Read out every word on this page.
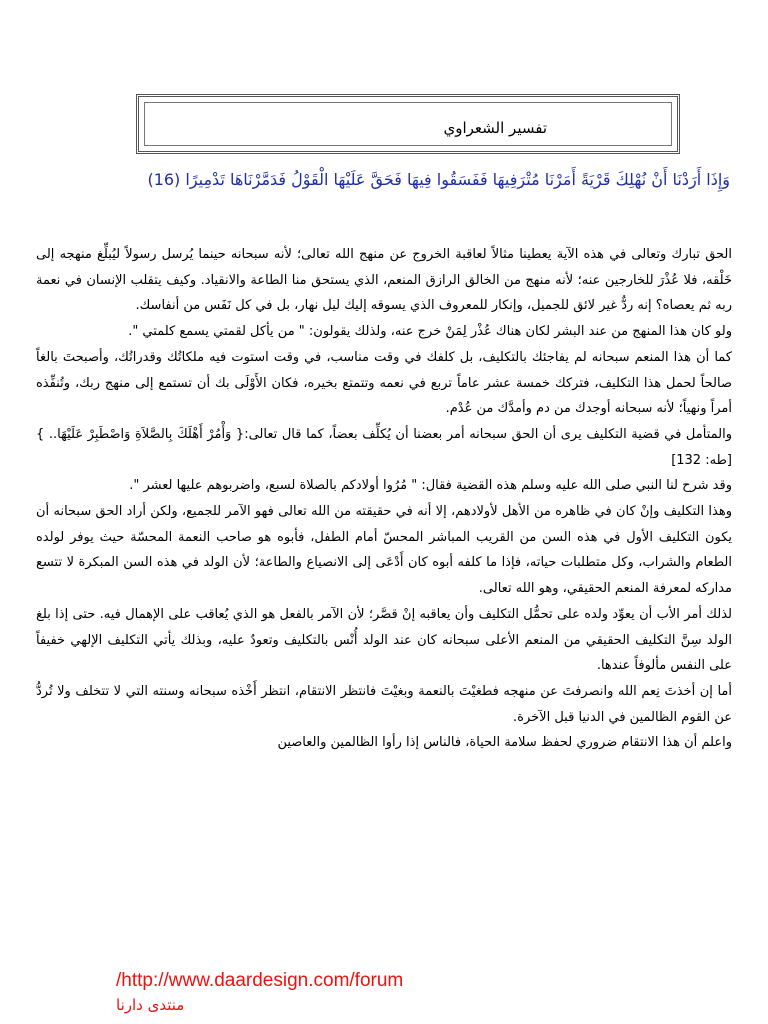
تفسير الشعراوي
وَإِذَا أَرَدْنَا أَنْ نُهْلِكَ قَرْيَةً أَمَرْنَا مُتْرَفِيهَا فَفَسَقُوا فِيهَا فَحَقَّ عَلَيْهَا الْقَوْلُ فَدَمَّرْنَاهَا تَدْمِيرًا (16)

الحق تبارك وتعالى في هذه الآية يعطينا مثالاً لعاقبة الخروج عن منهج الله تعالى؛ لأنه سبحانه حينما يُرسل رسولاً ليُبلِّغ منهجه إلى خَلْقه، فلا عُذْرَ للخارجين عنه؛ لأنه منهج من الخالق الرازق المنعم، الذي يستحق منا الطاعة والانقياد. وكيف يتقلب الإنسان في نعمة ربه ثم يعصاه؟ إنه ردٌّ غير لائق للجميل، وإنكار للمعروف الذي يسوقه إليك ليل نهار، بل في كل نَفَس من أنفاسك.

ولو كان هذا المنهج من عند البشر لكان هناك عُذْر لِمَنْ خرج عنه، ولذلك يقولون: " من يأكل لقمتي يسمع كلمتي ".

كما أن هذا المنعم سبحانه لم يفاجئك بالتكليف، بل كلفك في وقت مناسب، في وقت استوت فيه ملكاتُك وقدراتُك، وأصبحتَ بالغاً صالحاً لحمل هذا التكليف، فتركك خمسة عشر عاماً تربع في نعمه وتتمتع بخيره، فكان الأَوْلَى بك أن تستمع إلى منهج ربك، وتُنفِّذه أمراً ونهياً؛ لأنه سبحانه أوجدك من دم وأمدَّك من عُدْم.

والمتأمل في قضية التكليف يرى أن الحق سبحانه أمر بعضنا أن يُكلِّف بعضاً، كما قال تعالى:{ وَأْمُرْ أَهْلَكَ بِالصَّلاَةِ وَاصْطَبِرْ عَلَيْهَا.. }[طه: 132]

وقد شرح لنا النبي صلى الله عليه وسلم هذه القضية فقال: " مُرُوا أولادكم بالصلاة لسبع، واضربوهم عليها لعشر ".

وهذا التكليف وإنْ كان في ظاهره من الأهل لأولادهم، إلا أنه في حقيقته من الله تعالى فهو الآمر للجميع، ولكن أراد الحق سبحانه أن يكون التكليف الأول في هذه السن من القريب المباشر المحسّ أمام الطفل، فأبوه هو صاحب النعمة المحسّة حيث يوفر لولده الطعام والشراب، وكل متطلبات حياته، فإذا ما كلفه أبوه كان أَدْعَى إلى الانصياع والطاعة؛ لأن الولد في هذه السن المبكرة لا تتسع مداركه لمعرفة المنعم الحقيقي، وهو الله تعالى.

لذلك أمر الأب أن يعوِّد ولده على تحمُّل التكليف وأن يعاقبه إنْ قصَّر؛ لأن الآمر بالفعل هو الذي يُعاقب على الإهمال فيه. حتى إذا بلغ الولد سِنَّ التكليف الحقيقي من المنعم الأعلى سبحانه كان عند الولد أُنْس بالتكليف وتعودٌ عليه، وبذلك يأتي التكليف الإلهي خفيفاً على النفس مألوفاً عندها.

أما إن أخذتَ نِعم الله وانصرفتَ عن منهجه فطغيْتَ بالنعمة وبغيْتَ فانتظر الانتقام، انتظر أَخْذه سبحانه وسنته التي لا تتخلف ولا تُردُّ عن القوم الظالمين في الدنيا قبل الآخرة.

واعلم أن هذا الانتقام ضروري لحفظ سلامة الحياة، فالناس إذا رأوا الظالمين والعاصين

/http://www.daardesign.com/forum
منتدى دارنا
